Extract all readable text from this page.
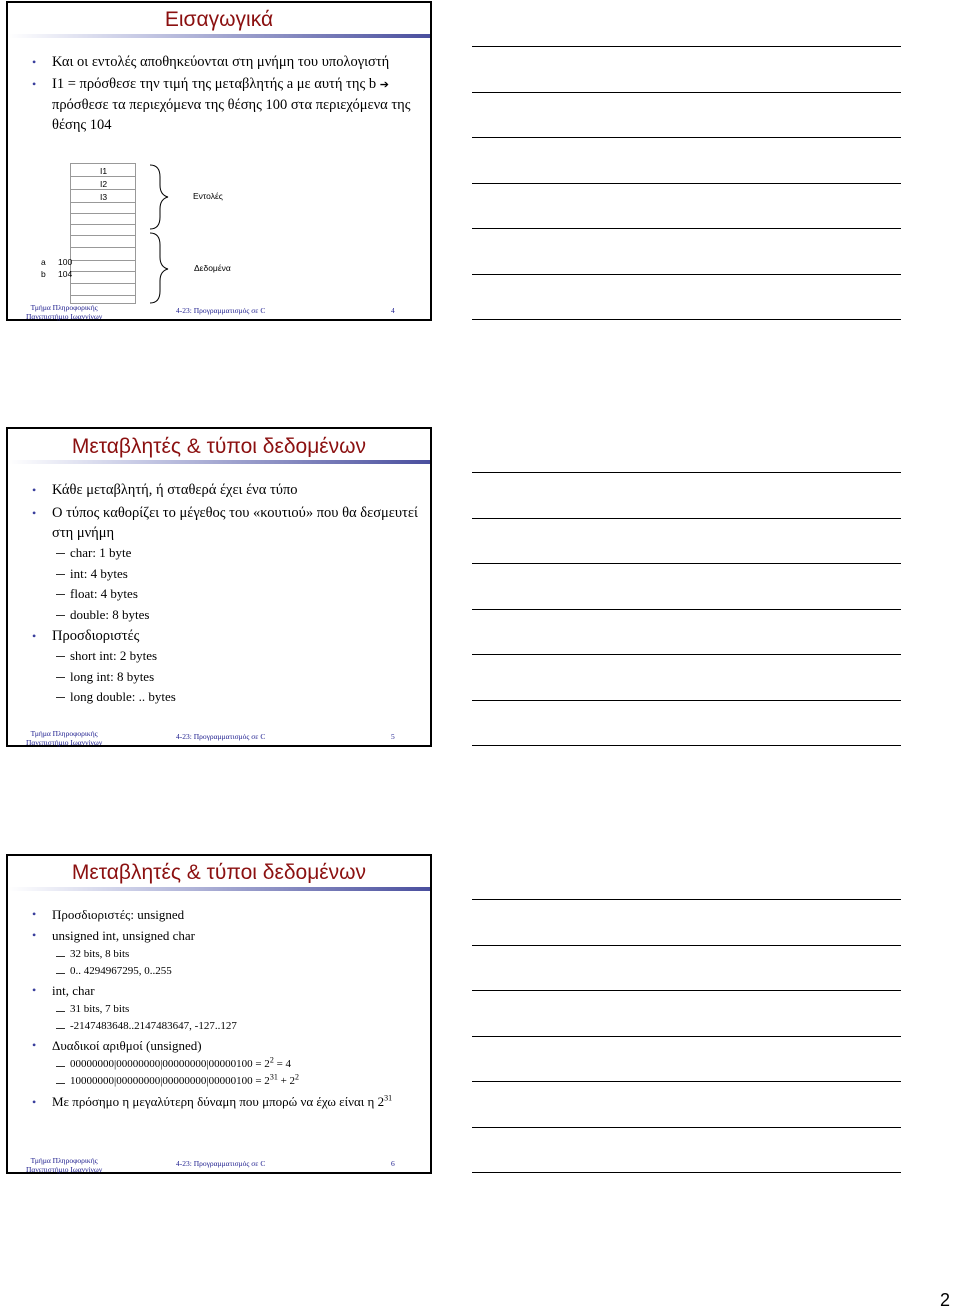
Εισαγωγικά
• Και οι εντολές αποθηκεύονται στη μνήμη του υπολογιστή
• I1 = πρόσθεσε την τιμή της μεταβλητής a με αυτή της b ➔ πρόσθεσε τα περιεχόμενα της θέσης 100 στα περιεχόμενα της θέσης 104
I1
I2
I3
a
b
100
104
Εντολές
Δεδομένα
Τμήμα Πληροφορικής
Πανεπιστήμιο Ιωαννίνων
4-23: Προγραμματισμός σε C	4
Μεταβλητές & τύποι δεδομένων
• Κάθε μεταβλητή, ή σταθερά έχει ένα τύπο
• Ο τύπος καθορίζει το μέγεθος του «κουτιού» που θα δεσμευτεί στη μνήμη
char: 1 byte
int: 4 bytes
float: 4 bytes
double: 8 bytes
• Προσδιοριστές
short int: 2 bytes
long int: 8 bytes
long double: .. bytes
Τμήμα Πληροφορικής
Πανεπιστήμιο Ιωαννίνων
4-23: Προγραμματισμός σε C	5
Μεταβλητές & τύποι δεδομένων
• Προσδιοριστές: unsigned
• unsigned int, unsigned char
32 bits, 8 bits
0.. 4294967295, 0..255
• int, char
31 bits, 7 bits
-2147483648..2147483647, -127..127
• Δυαδικοί αριθμοί (unsigned)
$00000000|00000000|00000000|00000100 = 2^2 = 4$
$10000000|00000000|00000000|00000100 = 2^{31} + 2^2$
• Με πρόσημο η μεγαλύτερη δύναμη που μπορώ να έχω είναι η $2^{31}$
Τμήμα Πληροφορικής
Πανεπιστήμιο Ιωαννίνων
4-23: Προγραμματισμός σε C	6
2
